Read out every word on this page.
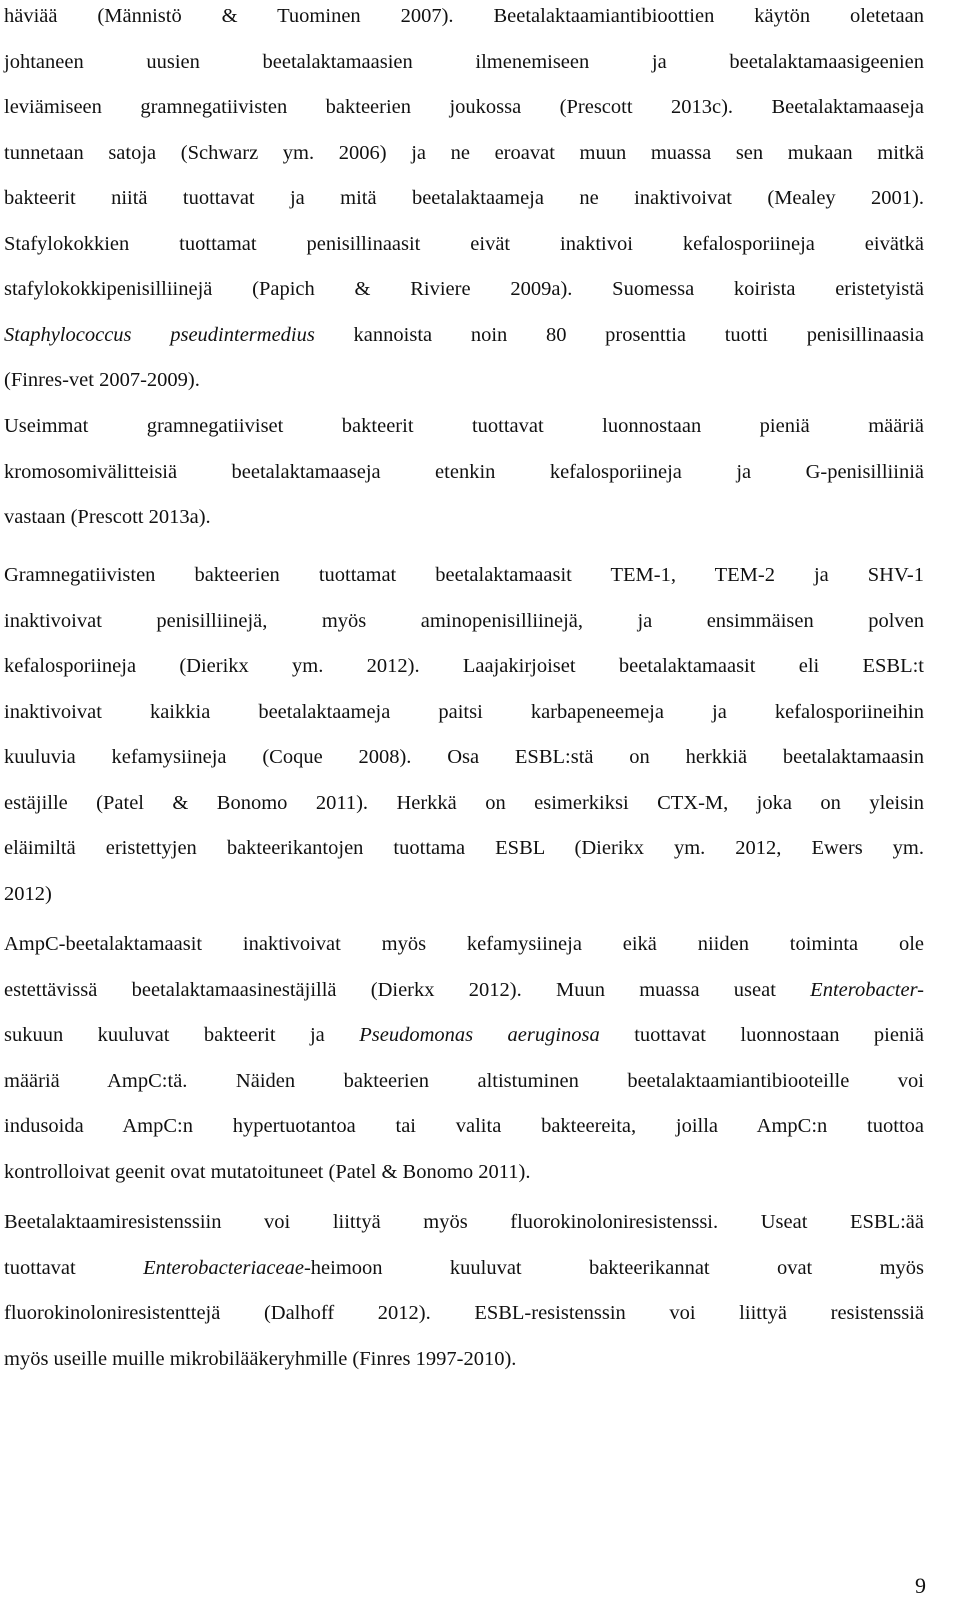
häviää (Männistö & Tuominen 2007). Beetalaktaamiantibioottien käytön oletetaan
johtaneen uusien beetalaktamaasien ilmenemiseen ja beetalaktamaasigeenien
leviämiseen gramnegatiivisten bakteerien joukossa (Prescott 2013c). Beetalaktamaaseja
tunnetaan satoja (Schwarz ym. 2006) ja ne eroavat muun muassa sen mukaan mitkä
bakteerit niitä tuottavat ja mitä beetalaktaameja ne inaktivoivat (Mealey 2001).
Stafylokokkien tuottamat penisillinaasit eivät inaktivoi kefalosporiineja eivätkä
stafylokokkipenisilliinejä (Papich & Riviere 2009a). Suomessa koirista eristetyistä
Staphylococcus pseudintermedius kannoista noin 80 prosenttia tuotti penisillinaasia
(Finres-vet 2007-2009).
Useimmat gramnegatiiviset bakteerit tuottavat luonnostaan pieniä määriä
kromosomivälitteisiä beetalaktamaaseja etenkin kefalosporiineja ja G-penisilliiniä
vastaan (Prescott 2013a).
Gramnegatiivisten bakteerien tuottamat beetalaktamaasit TEM-1, TEM-2 ja SHV-1
inaktivoivat penisilliinejä, myös aminopenisilliinejä, ja ensimmäisen polven
kefalosporiineja (Dierikx ym. 2012). Laajakirjoiset beetalaktamaasit eli ESBL:t
inaktivoivat kaikkia beetalaktaameja paitsi karbapeneemeja ja kefalosporiineihin
kuuluvia kefamysiineja (Coque 2008). Osa ESBL:stä on herkkiä beetalaktamaasin
estäjille (Patel & Bonomo 2011). Herkkä on esimerkiksi CTX-M, joka on yleisin
eläimiltä eristettyjen bakteerikantojen tuottama ESBL (Dierikx ym. 2012, Ewers ym.
2012)
AmpC-beetalaktamaasit inaktivoivat myös kefamysiineja eikä niiden toiminta ole
estettävissä beetalaktamaasinestäjillä (Dierkx 2012). Muun muassa useat Enterobacter-
sukuun kuuluvat bakteerit ja Pseudomonas aeruginosa tuottavat luonnostaan pieniä
määriä AmpC:tä. Näiden bakteerien altistuminen beetalaktaamiantibiooteille voi
indusoida AmpC:n hypertuotantoa tai valita bakteereita, joilla AmpC:n tuottoa
kontrolloivat geenit ovat mutatoituneet (Patel & Bonomo 2011).
Beetalaktaamiresistenssiin voi liittyä myös fluorokinoloniresistenssi. Useat ESBL:ää
tuottavat Enterobacteriaceae-heimoon kuuluvat bakteerikannat ovat myös
fluorokinoloniresistenttejä (Dalhoff 2012). ESBL-resistenssin voi liittyä resistenssiä
myös useille muille mikrobilääkeryhmille (Finres 1997-2010).
9
